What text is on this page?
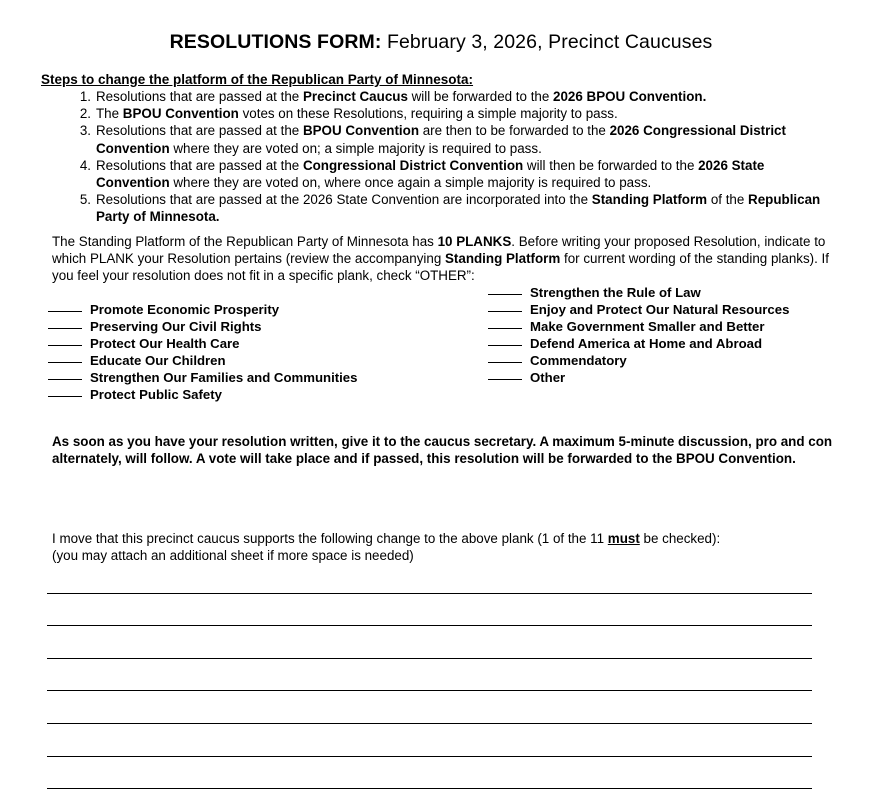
RESOLUTIONS FORM: February 3, 2026, Precinct Caucuses
Steps to change the platform of the Republican Party of Minnesota:
1. Resolutions that are passed at the Precinct Caucus will be forwarded to the 2026 BPOU Convention.
2. The BPOU Convention votes on these Resolutions, requiring a simple majority to pass.
3. Resolutions that are passed at the BPOU Convention are then to be forwarded to the 2026 Congressional District Convention where they are voted on; a simple majority is required to pass.
4. Resolutions that are passed at the Congressional District Convention will then be forwarded to the 2026 State Convention where they are voted on, where once again a simple majority is required to pass.
5. Resolutions that are passed at the 2026 State Convention are incorporated into the Standing Platform of the Republican Party of Minnesota.
The Standing Platform of the Republican Party of Minnesota has 10 PLANKS. Before writing your proposed Resolution, indicate to which PLANK your Resolution pertains (review the accompanying Standing Platform for current wording of the standing planks). If you feel your resolution does not fit in a specific plank, check “OTHER”:
Promote Economic Prosperity
Preserving Our Civil Rights
Protect Our Health Care
Educate Our Children
Strengthen Our Families and Communities
Protect Public Safety
Strengthen the Rule of Law
Enjoy and Protect Our Natural Resources
Make Government Smaller and Better
Defend America at Home and Abroad
Commendatory
Other
As soon as you have your resolution written, give it to the caucus secretary. A maximum 5-minute discussion, pro and con alternately, will follow. A vote will take place and if passed, this resolution will be forwarded to the BPOU Convention.
I move that this precinct caucus supports the following change to the above plank (1 of the 11 must be checked):
(you may attach an additional sheet if more space is needed)
